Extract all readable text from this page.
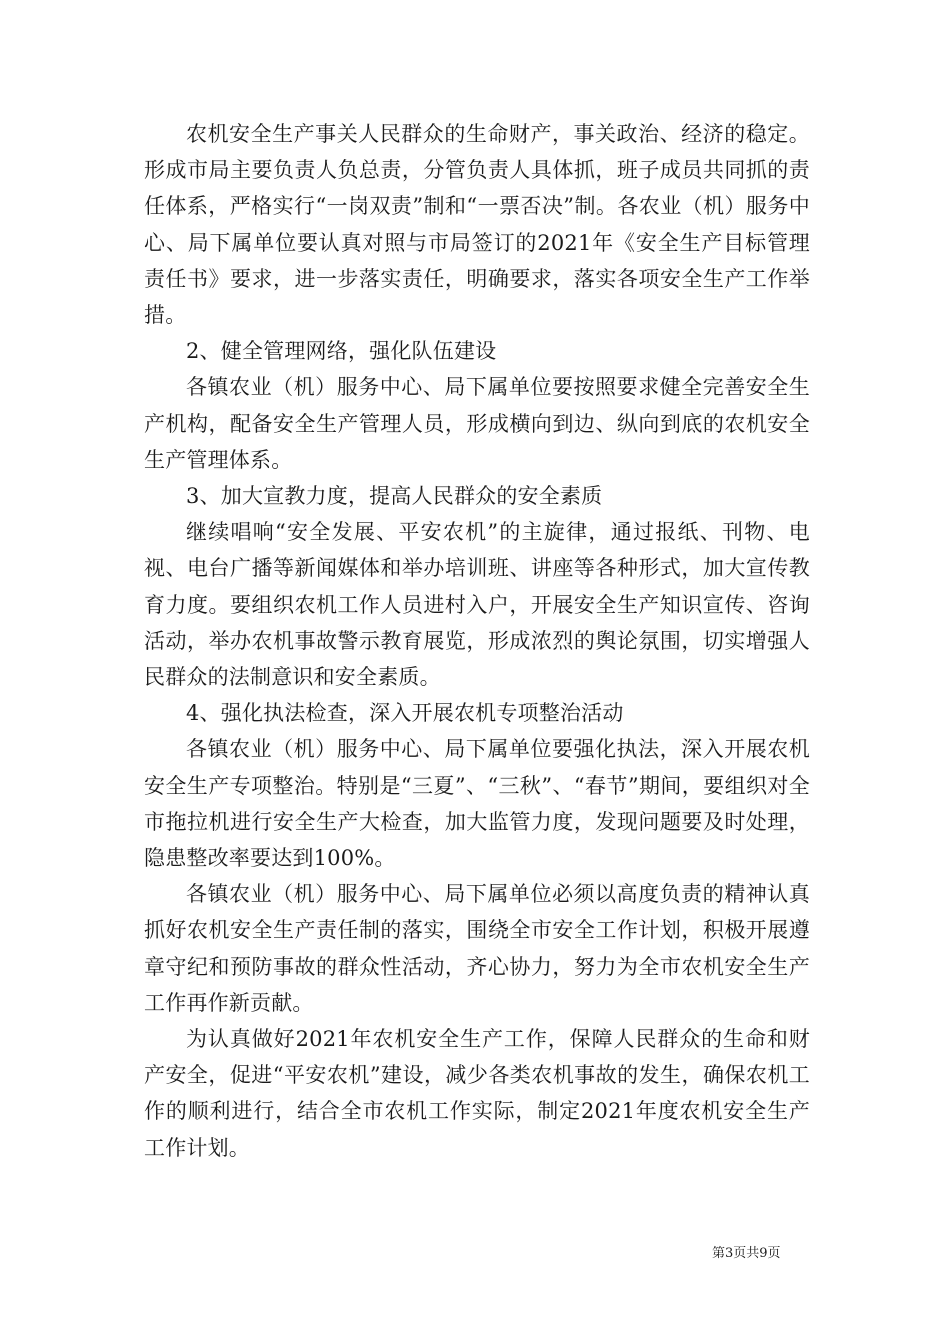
农机安全生产事关人民群众的生命财产，事关政治、经济的稳定。形成市局主要负责人负总责，分管负责人具体抓，班子成员共同抓的责任体系，严格实行“一岗双责”制和“一票否决”制。各农业（机）服务中心、局下属单位要认真对照与市局签订的2021年《安全生产目标管理责任书》要求，进一步落实责任，明确要求，落实各项安全生产工作举措。

2、健全管理网络，强化队伍建设

各镇农业（机）服务中心、局下属单位要按照要求健全完善安全生产机构，配备安全生产管理人员，形成横向到边、纵向到底的农机安全生产管理体系。

3、加大宣教力度，提高人民群众的安全素质

继续唱响“安全发展、平安农机”的主旋律，通过报纸、刊物、电视、电台广播等新闻媒体和举办培训班、讲座等各种形式，加大宣传教育力度。要组织农机工作人员进村入户，开展安全生产知识宣传、咨询活动，举办农机事故警示教育展览，形成浓烈的舆论氛围，切实增强人民群众的法制意识和安全素质。

4、强化执法检查，深入开展农机专项整治活动

各镇农业（机）服务中心、局下属单位要强化执法，深入开展农机安全生产专项整治。特别是“三夏”、“三秋”、“春节”期间，要组织对全市拖拉机进行安全生产大检查，加大监管力度，发现问题要及时处理，隐患整改率要达到100%。

各镇农业（机）服务中心、局下属单位必须以高度负责的精神认真抓好农机安全生产责任制的落实，围绕全市安全工作计划，积极开展遵章守纪和预防事故的群众性活动，齐心协力，努力为全市农机安全生产工作再作新贡献。

为认真做好2021年农机安全生产工作，保障人民群众的生命和财产安全，促进“平安农机”建设，减少各类农机事故的发生，确保农机工作的顺利进行，结合全市农机工作实际，制定2021年度农机安全生产工作计划。

第3页共9页
